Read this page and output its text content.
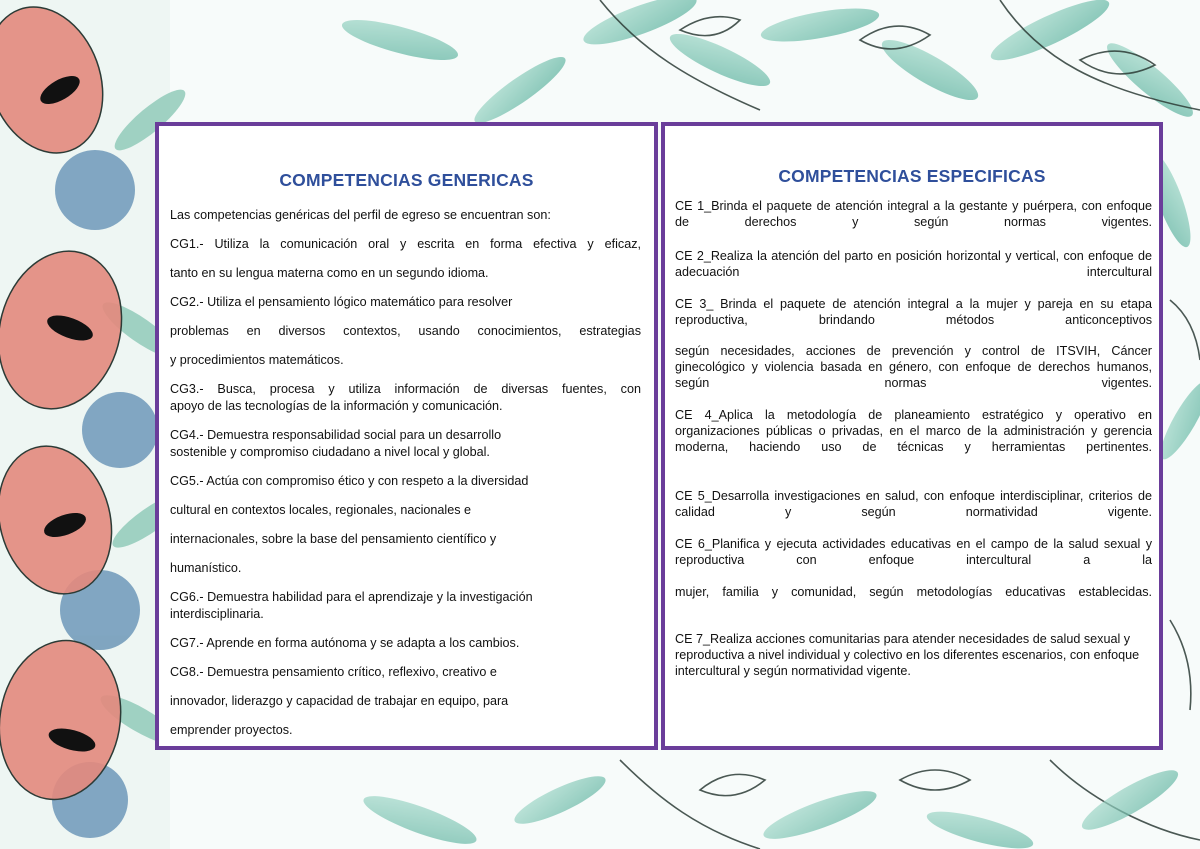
COMPETENCIAS GENERICAS
Las competencias genéricas del perfil de egreso se encuentran son:
CG1.- Utiliza la comunicación oral y escrita en forma efectiva y eficaz,
tanto en su lengua materna como en un segundo idioma.
CG2.- Utiliza el pensamiento lógico matemático para resolver
problemas en diversos contextos, usando conocimientos, estrategias
y procedimientos matemáticos.
CG3.- Busca, procesa y utiliza información de diversas fuentes, con
apoyo de las tecnologías de la información y comunicación.
CG4.- Demuestra responsabilidad social para un desarrollo
sostenible y compromiso ciudadano a nivel local y global.
CG5.- Actúa con compromiso ético y con respeto a la diversidad
cultural en contextos locales, regionales, nacionales e
internacionales, sobre la base del pensamiento científico y
humanístico.
CG6.- Demuestra habilidad para el aprendizaje y la investigación
interdisciplinaria.
CG7.- Aprende en forma autónoma y se adapta a los cambios.
CG8.- Demuestra pensamiento crítico, reflexivo, creativo e
innovador, liderazgo y capacidad de trabajar en equipo, para
emprender proyectos.
COMPETENCIAS ESPECIFICAS
CE 1_Brinda el paquete de atención integral a la gestante y puérpera, con enfoque de derechos y según normas vigentes.
CE 2_Realiza la atención del parto en posición horizontal y vertical, con enfoque de adecuación intercultural
CE 3_ Brinda el paquete de atención integral a la mujer y pareja en su etapa reproductiva, brindando métodos anticonceptivos
según necesidades, acciones de prevención y control de ITSVIH, Cáncer ginecológico y violencia basada en género, con enfoque de derechos humanos, según normas vigentes.
CE 4_Aplica la metodología de planeamiento estratégico y operativo en organizaciones públicas o privadas, en el marco de la administración y gerencia moderna, haciendo uso de técnicas y herramientas pertinentes.
CE 5_Desarrolla investigaciones en salud, con enfoque interdisciplinar, criterios de calidad y según normatividad vigente.
CE 6_Planifica y ejecuta actividades educativas en el campo de la salud sexual y reproductiva con enfoque intercultural a la
mujer, familia y comunidad, según metodologías educativas establecidas.
CE 7_Realiza acciones comunitarias para atender necesidades de salud sexual y reproductiva a nivel individual y colectivo en los diferentes escenarios, con enfoque intercultural y según normatividad vigente.
